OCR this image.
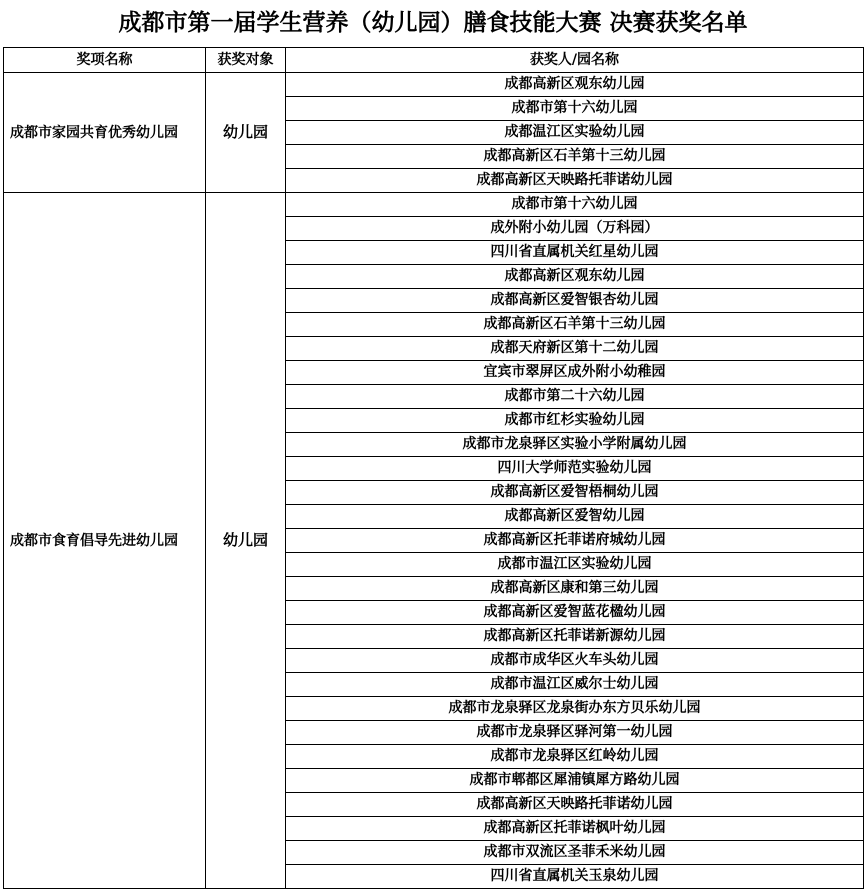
成都市第一届学生营养（幼儿园）膳食技能大赛 决赛获奖名单
奖项名称	获奖对象	获奖人/园名称
成都市家园共育优秀幼儿园	幼儿园	成都高新区观东幼儿园
		成都市第十六幼儿园
		成都温江区实验幼儿园
		成都高新区石羊第十三幼儿园
		成都高新区天映路托菲诺幼儿园
成都市食育倡导先进幼儿园	幼儿园	成都市第十六幼儿园
		成外附小幼儿园（万科园）
		四川省直属机关红星幼儿园
		成都高新区观东幼儿园
		成都高新区爱智银杏幼儿园
		成都高新区石羊第十三幼儿园
		成都天府新区第十二幼儿园
		宜宾市翠屏区成外附小幼稚园
		成都市第二十六幼儿园
		成都市红杉实验幼儿园
		成都市龙泉驿区实验小学附属幼儿园
		四川大学师范实验幼儿园
		成都高新区爱智梧桐幼儿园
		成都高新区爱智幼儿园
		成都高新区托菲诺府城幼儿园
		成都市温江区实验幼儿园
		成都高新区康和第三幼儿园
		成都高新区爱智蓝花楹幼儿园
		成都高新区托菲诺新源幼儿园
		成都市成华区火车头幼儿园
		成都市温江区威尔士幼儿园
		成都市龙泉驿区龙泉街办东方贝乐幼儿园
		成都市龙泉驿区驿河第一幼儿园
		成都市龙泉驿区红岭幼儿园
		成都市郫都区犀浦镇犀方路幼儿园
		成都高新区天映路托菲诺幼儿园
		成都高新区托菲诺枫叶幼儿园
		成都市双流区圣菲禾米幼儿园
		四川省直属机关玉泉幼儿园
